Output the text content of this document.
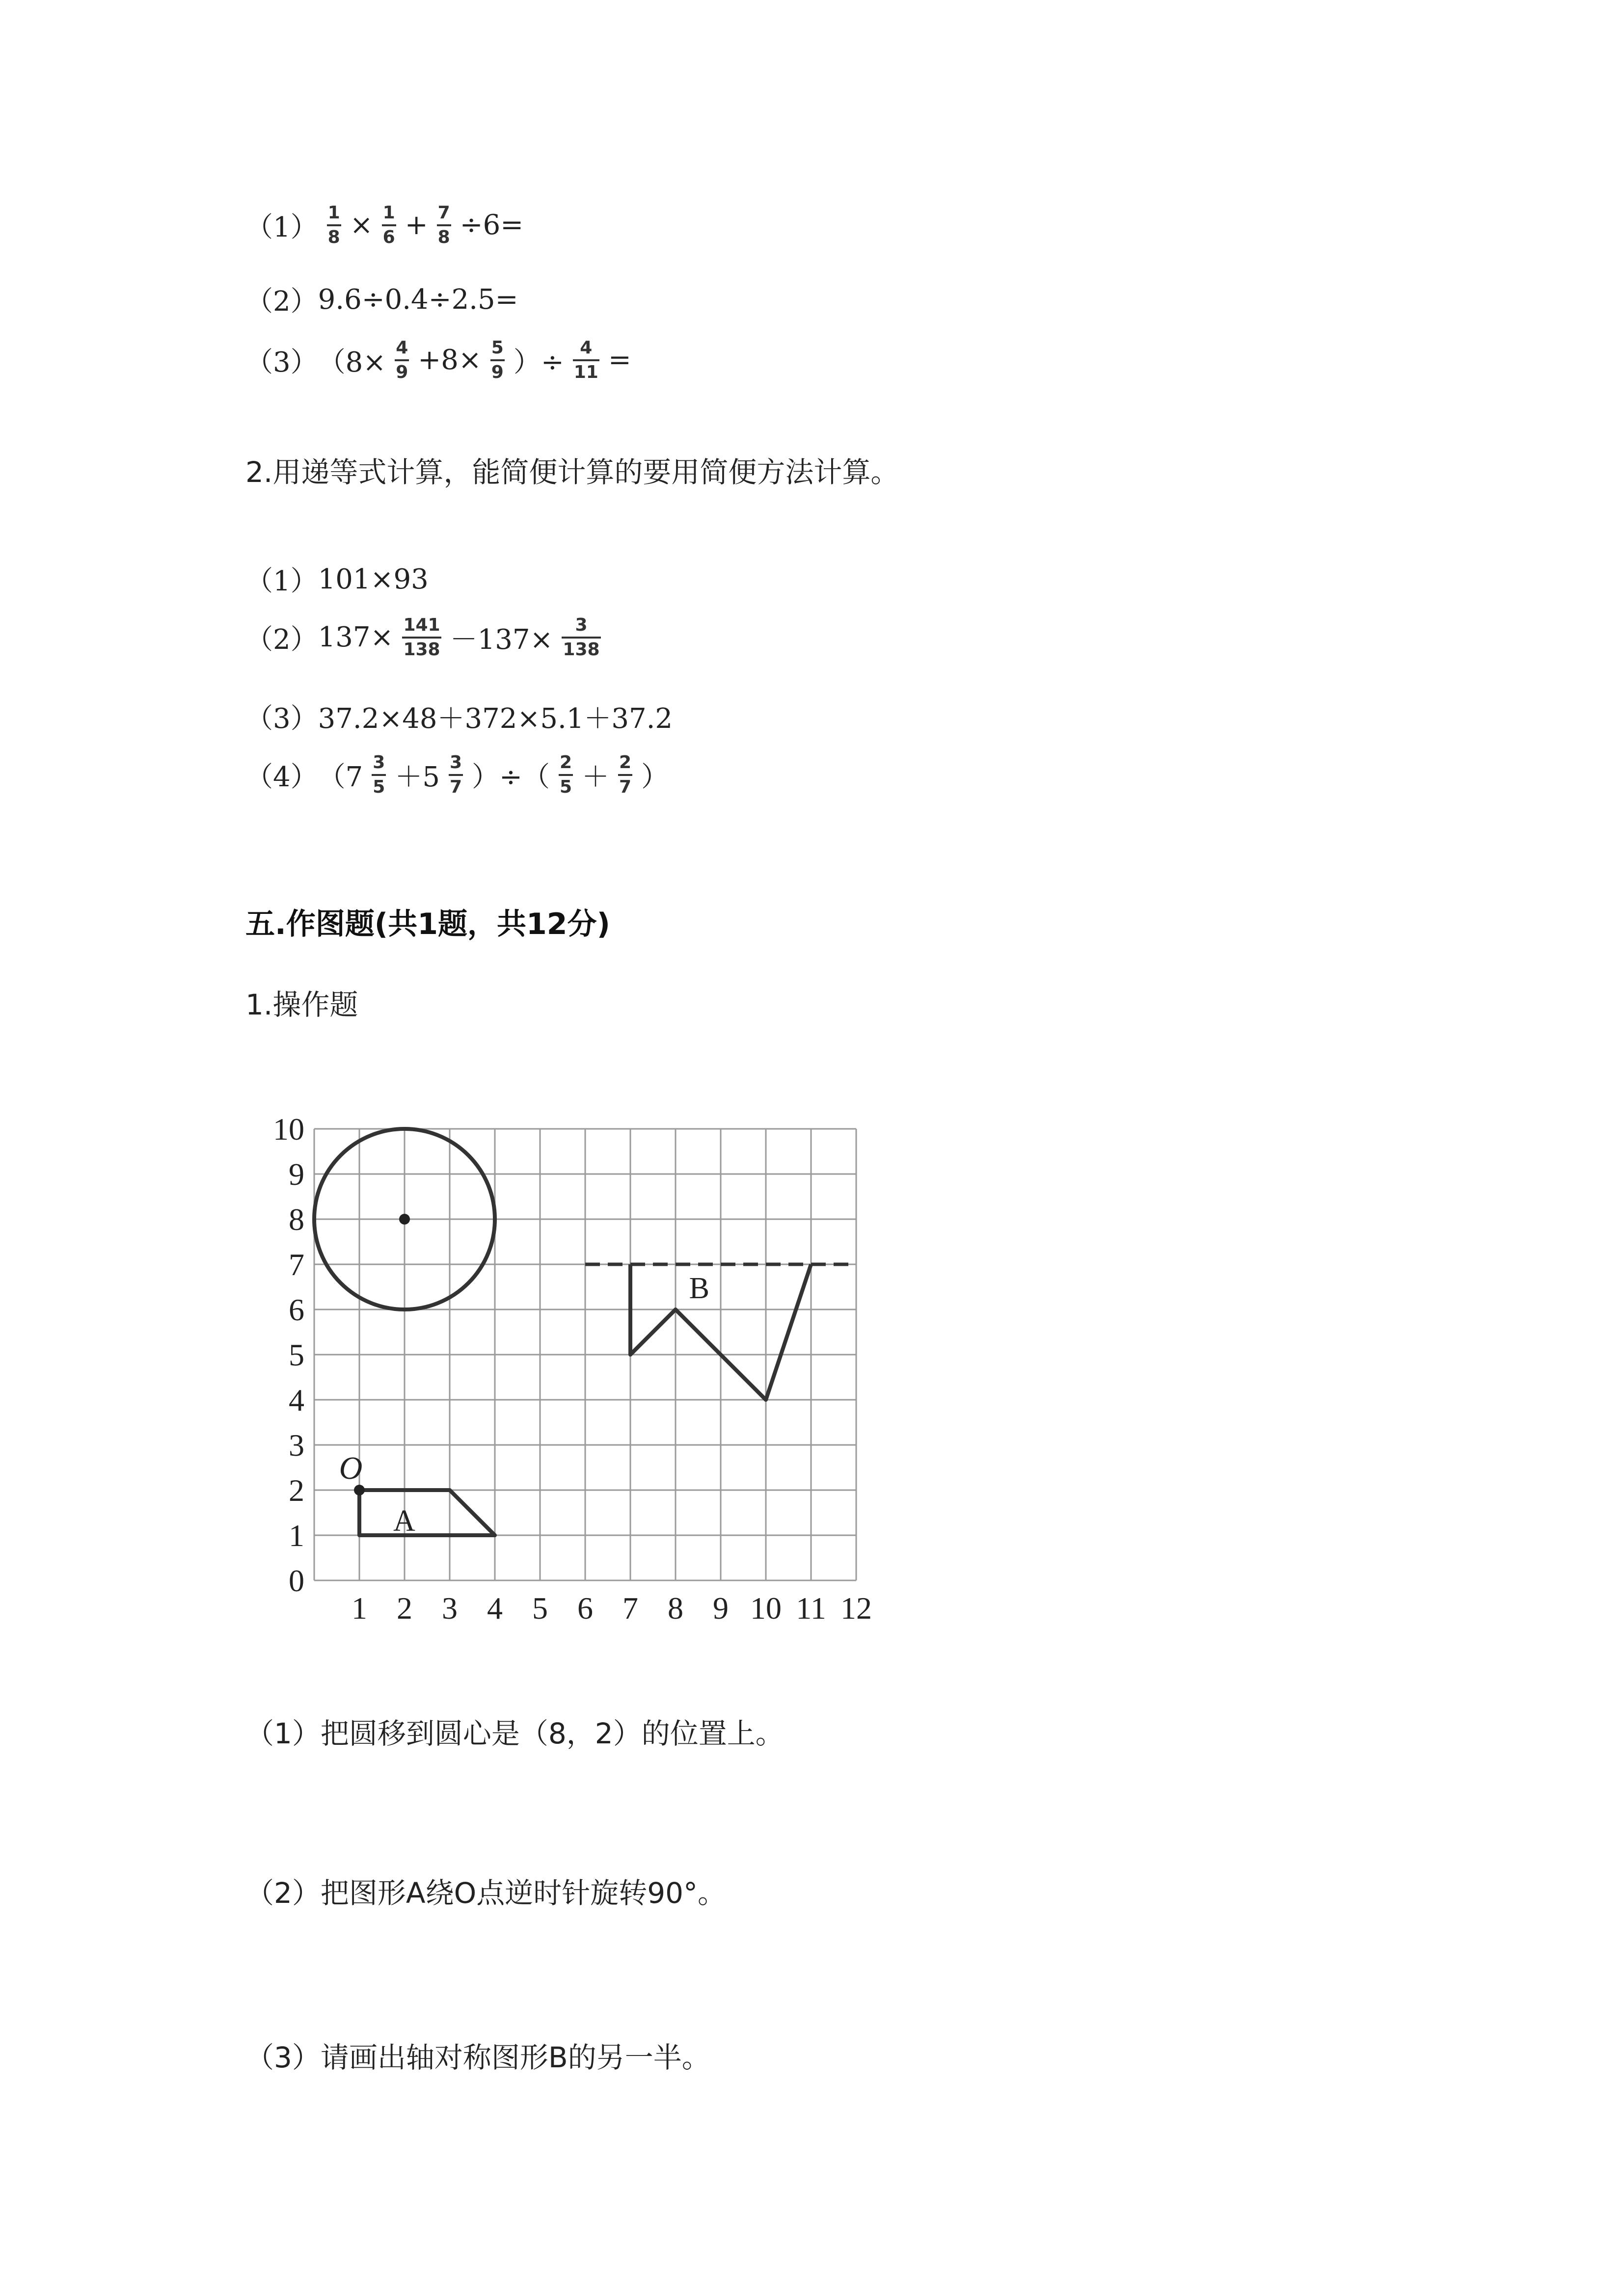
$(1) \frac{1}{8} \times \frac{1}{6} + \frac{7}{8} \div 6=$
（2） 9.6÷0.4÷2.5=
（3） （$8\times \frac{4}{9} +8\times \frac{5}{9}$ ）÷ $\frac{4}{11}$ =
2.用递等式计算，能简便计算的要用简便方法计算。
（1） 101×93
（2） $137\times \frac{141}{138} -137\times \frac{3}{138}$
（3） 37.2×48＋372×5.1＋37.2
（4） （$7 \frac{3}{5} +5 \frac{3}{7}$ ）÷（ $\frac{2}{5} + \frac{2}{7}$ ）
五.作图题(共1题，共12分)
1.操作题
1 2 3 4 5 6 7 8 9 10 11 12
0
1
2
3
4
5
6
7
8
9
10
O
A
B
（1）把圆移到圆心是（8，2）的位置上。
（2）把图形A绕O点逆时针旋转90°。
（3）请画出轴对称图形B的另一半。
